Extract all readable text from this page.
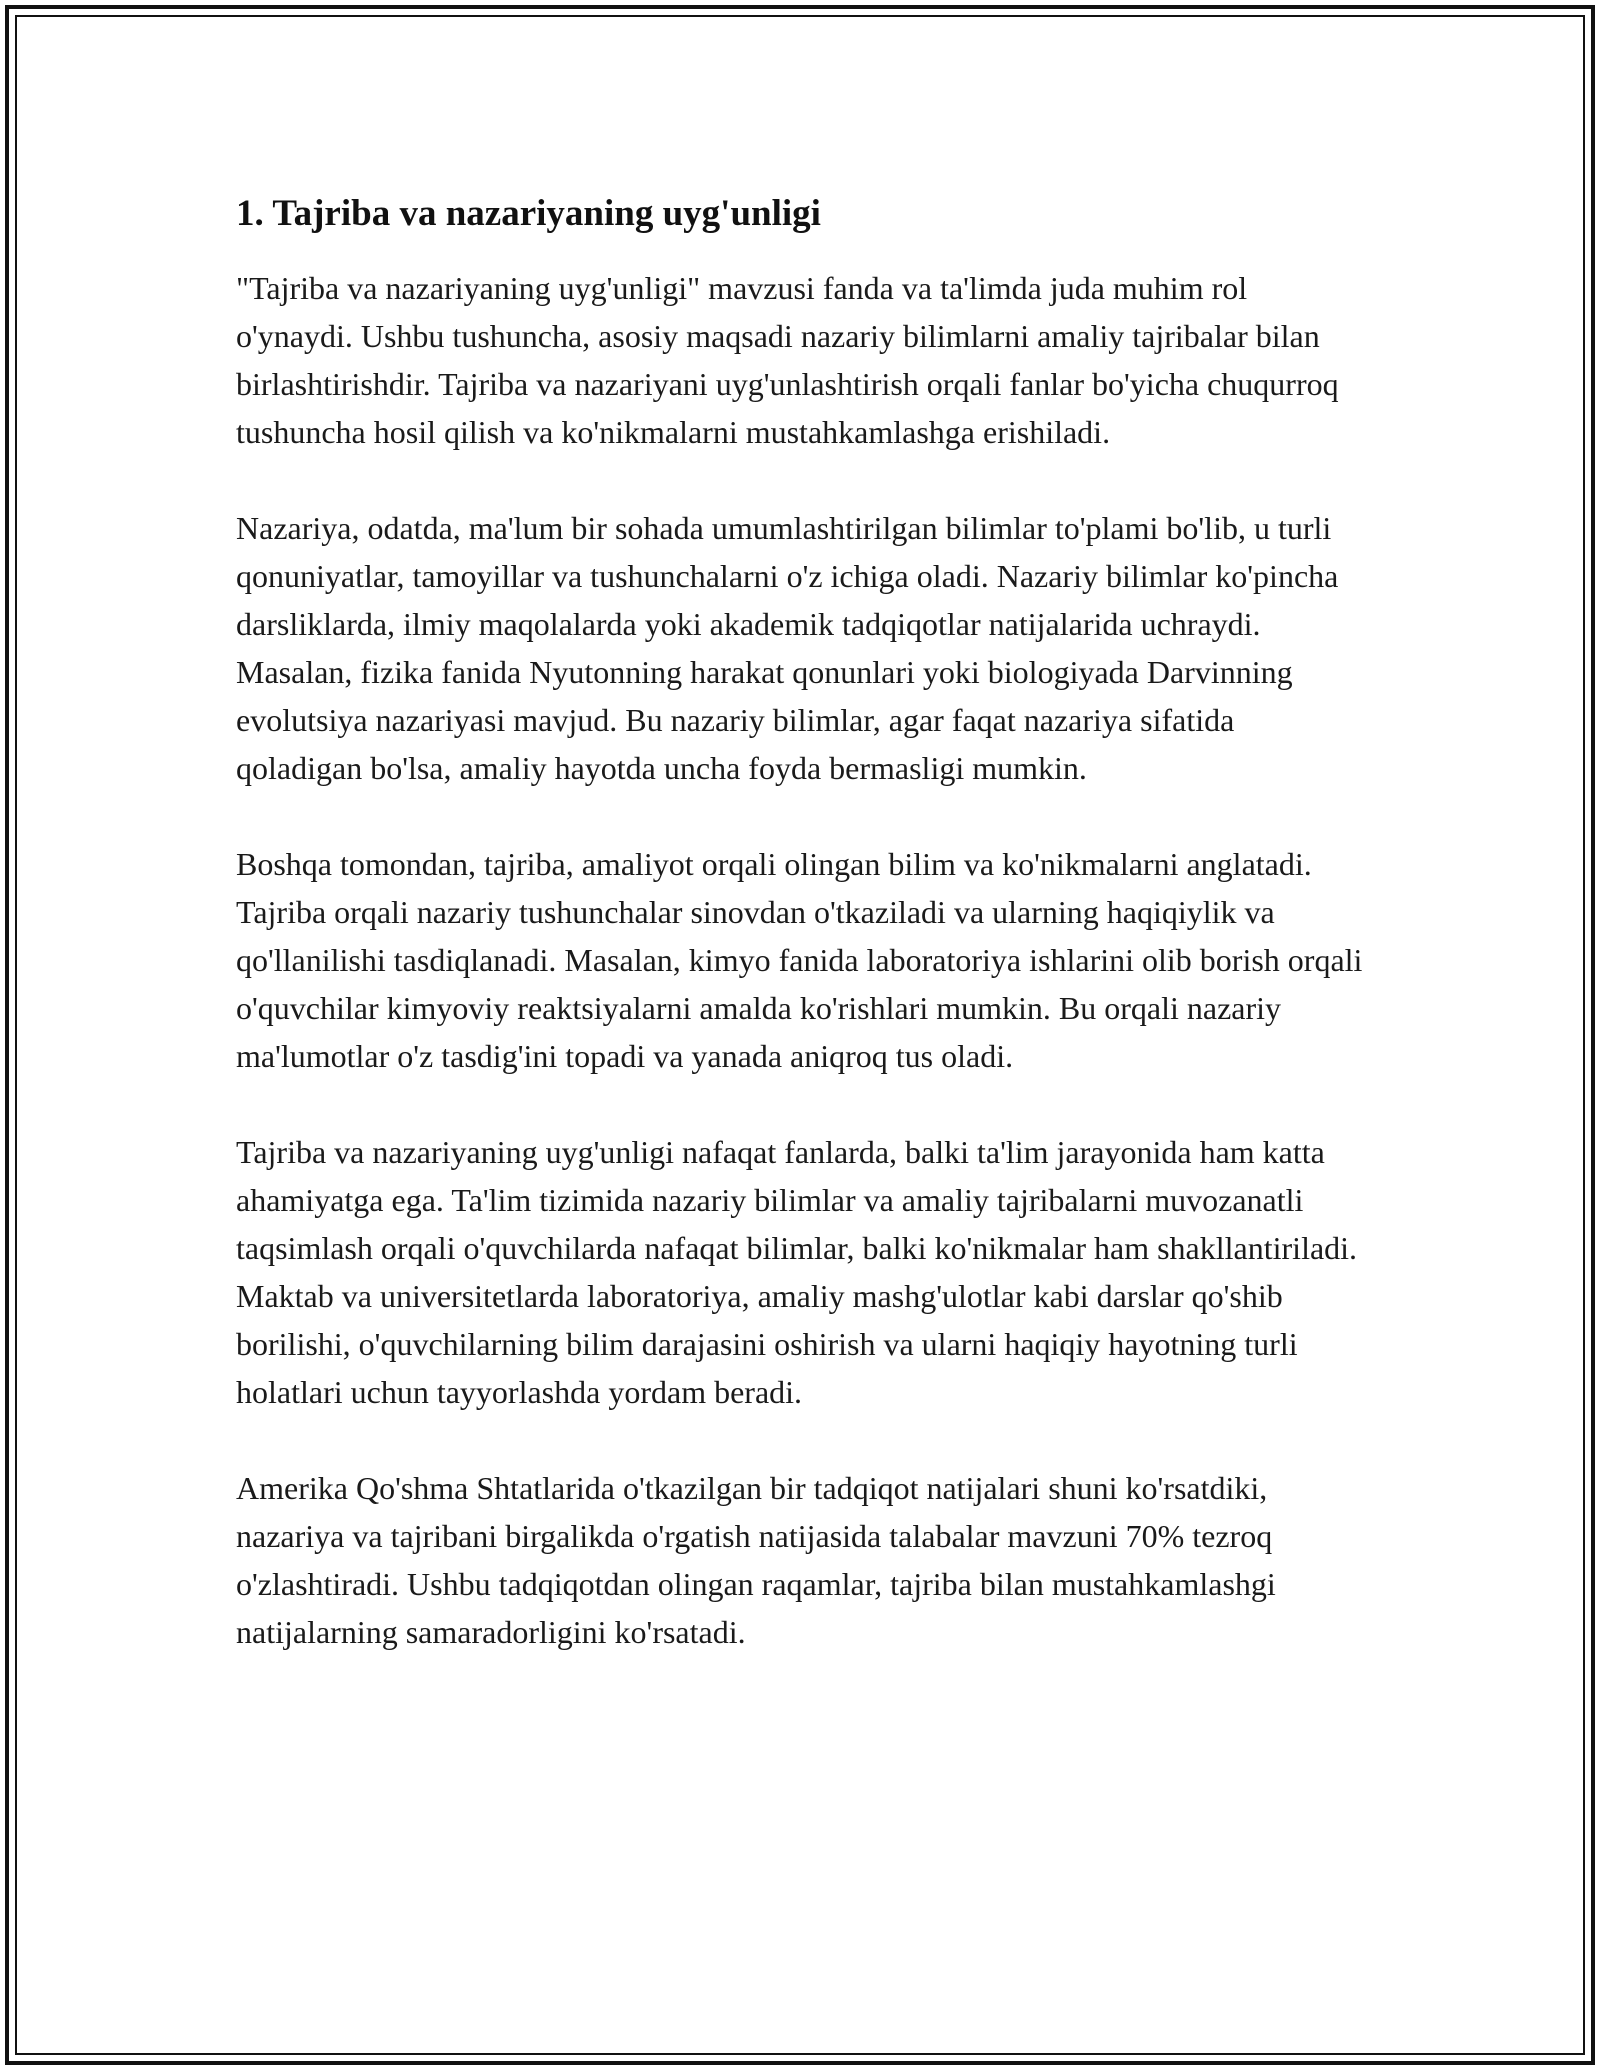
1. Tajriba va nazariyaning uyg'unligi

"Tajriba va nazariyaning uyg'unligi" mavzusi fanda va ta'limda juda muhim rol o'ynaydi. Ushbu tushuncha, asosiy maqsadi nazariy bilimlarni amaliy tajribalar bilan birlashtirishdir. Tajriba va nazariyani uyg'unlashtirish orqali fanlar bo'yicha chuqurroq tushuncha hosil qilish va ko'nikmalarni mustahkamlashga erishiladi.

Nazariya, odatda, ma'lum bir sohada umumlashtirilgan bilimlar to'plami bo'lib, u turli qonuniyatlar, tamoyillar va tushunchalarni o'z ichiga oladi. Nazariy bilimlar ko'pincha darsliklarda, ilmiy maqolalarda yoki akademik tadqiqotlar natijalarida uchraydi. Masalan, fizika fanida Nyutonning harakat qonunlari yoki biologiyada Darvinning evolutsiya nazariyasi mavjud. Bu nazariy bilimlar, agar faqat nazariya sifatida qoladigan bo'lsa, amaliy hayotda uncha foyda bermasligi mumkin.

Boshqa tomondan, tajriba, amaliyot orqali olingan bilim va ko'nikmalarni anglatadi. Tajriba orqali nazariy tushunchalar sinovdan o'tkaziladi va ularning haqiqiylik va qo'llanilishi tasdiqlanadi. Masalan, kimyo fanida laboratoriya ishlarini olib borish orqali o'quvchilar kimyoviy reaktsiyalarni amalda ko'rishlari mumkin. Bu orqali nazariy ma'lumotlar o'z tasdig'ini topadi va yanada aniqroq tus oladi.

Tajriba va nazariyaning uyg'unligi nafaqat fanlarda, balki ta'lim jarayonida ham katta ahamiyatga ega. Ta'lim tizimida nazariy bilimlar va amaliy tajribalarni muvozanatli taqsimlash orqali o'quvchilarda nafaqat bilimlar, balki ko'nikmalar ham shakllantiriladi. Maktab va universitetlarda laboratoriya, amaliy mashg'ulotlar kabi darslar qo'shib borilishi, o'quvchilarning bilim darajasini oshirish va ularni haqiqiy hayotning turli holatlari uchun tayyorlashda yordam beradi.

Amerika Qo'shma Shtatlarida o'tkazilgan bir tadqiqot natijalari shuni ko'rsatdiki, nazariya va tajribani birgalikda o'rgatish natijasida talabalar mavzuni 70% tezroq o'zlashtiradi. Ushbu tadqiqotdan olingan raqamlar, tajriba bilan mustahkamlashgi natijalarning samaradorligini ko'rsatadi.
